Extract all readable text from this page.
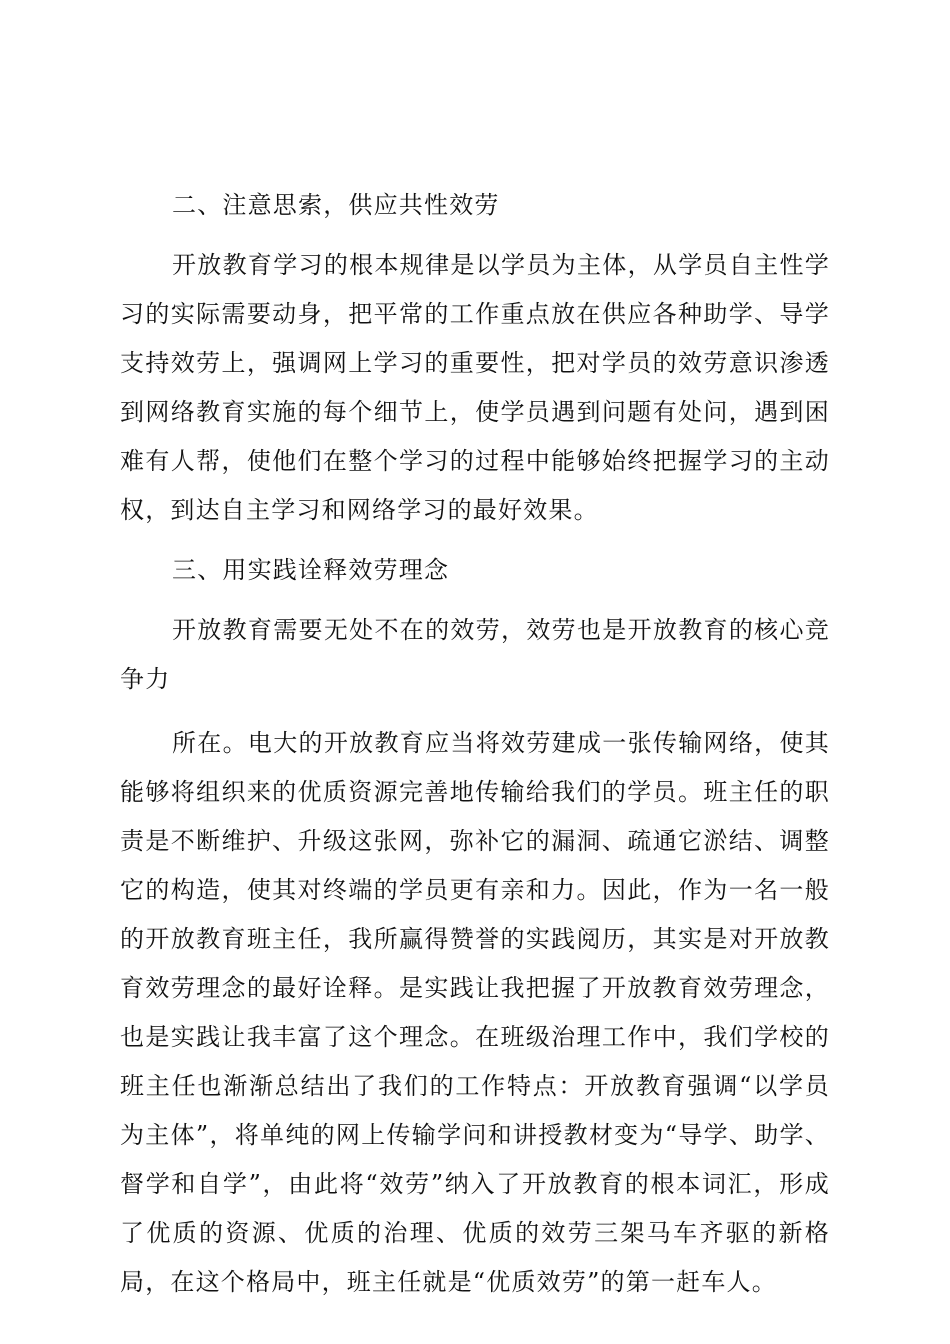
二、注意思索，供应共性效劳
开放教育学习的根本规律是以学员为主体，从学员自主性学习的实际需要动身，把平常的工作重点放在供应各种助学、导学支持效劳上，强调网上学习的重要性，把对学员的效劳意识渗透到网络教育实施的每个细节上，使学员遇到问题有处问，遇到困难有人帮，使他们在整个学习的过程中能够始终把握学习的主动权，到达自主学习和网络学习的最好效果。
三、用实践诠释效劳理念
开放教育需要无处不在的效劳，效劳也是开放教育的核心竞争力
所在。电大的开放教育应当将效劳建成一张传输网络，使其能够将组织来的优质资源完善地传输给我们的学员。班主任的职责是不断维护、升级这张网，弥补它的漏洞、疏通它淤结、调整它的构造，使其对终端的学员更有亲和力。因此，作为一名一般的开放教育班主任，我所赢得赞誉的实践阅历，其实是对开放教育效劳理念的最好诠释。是实践让我把握了开放教育效劳理念，也是实践让我丰富了这个理念。在班级治理工作中，我们学校的班主任也渐渐总结出了我们的工作特点：开放教育强调“以学员为主体”，将单纯的网上传输学问和讲授教材变为“导学、助学、督学和自学”，由此将“效劳”纳入了开放教育的根本词汇，形成了优质的资源、优质的治理、优质的效劳三架马车齐驱的新格局，在这个格局中，班主任就是“优质效劳”的第一赶车人。
